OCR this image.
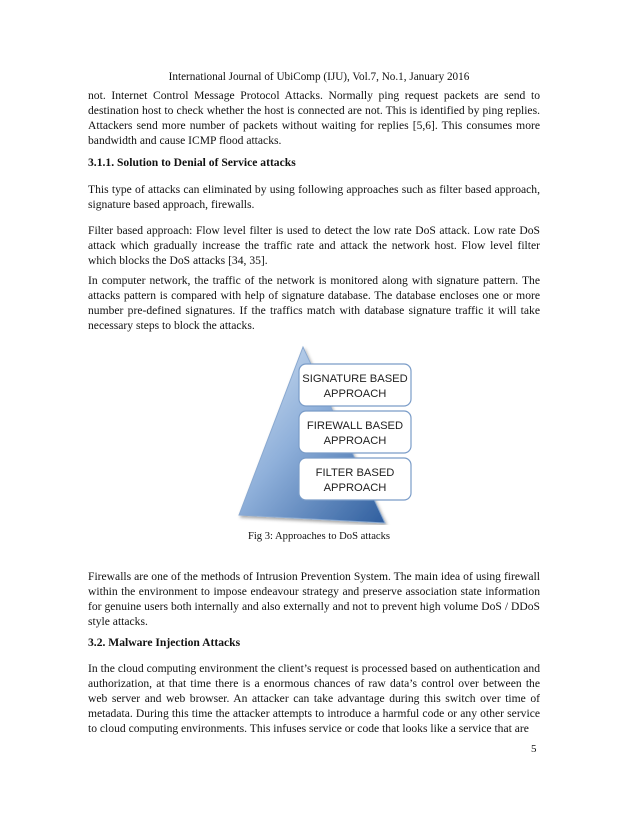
International Journal of UbiComp (IJU), Vol.7, No.1, January 2016

not. Internet Control Message Protocol Attacks. Normally ping request packets are send to destination host to check whether the host is connected are not. This is identified by ping replies. Attackers send more number of packets without waiting for replies [5,6]. This consumes more bandwidth and cause ICMP flood attacks.

3.1.1. Solution to Denial of Service attacks

This type of attacks can eliminated by using following approaches such as filter based approach, signature based approach, firewalls.

Filter based approach: Flow level filter is used to detect the low rate DoS attack. Low rate DoS attack which gradually increase the traffic rate and attack the network host. Flow level filter which blocks the DoS attacks [34, 35].

In computer network, the traffic of the network is monitored along with signature pattern. The attacks pattern is compared with help of signature database. The database encloses one or more number pre-defined signatures. If the traffics match with database signature traffic it will take necessary steps to block the attacks.

SIGNATURE BASED
APPROACH
FIREWALL BASED
APPROACH
FILTER BASED
APPROACH
Fig 3: Approaches to DoS attacks

Firewalls are one of the methods of Intrusion Prevention System. The main idea of using firewall within the environment to impose endeavour strategy and preserve association state information for genuine users both internally and also externally and not to prevent high volume DoS / DDoS style attacks.

3.2. Malware Injection Attacks

In the cloud computing environment the client’s request is processed based on authentication and authorization, at that time there is a enormous chances of raw data’s control over between the web server and web browser. An attacker can take advantage during this switch over time of metadata. During this time the attacker attempts to introduce a harmful code or any other service to cloud computing environments. This infuses service or code that looks like a service that are

5
